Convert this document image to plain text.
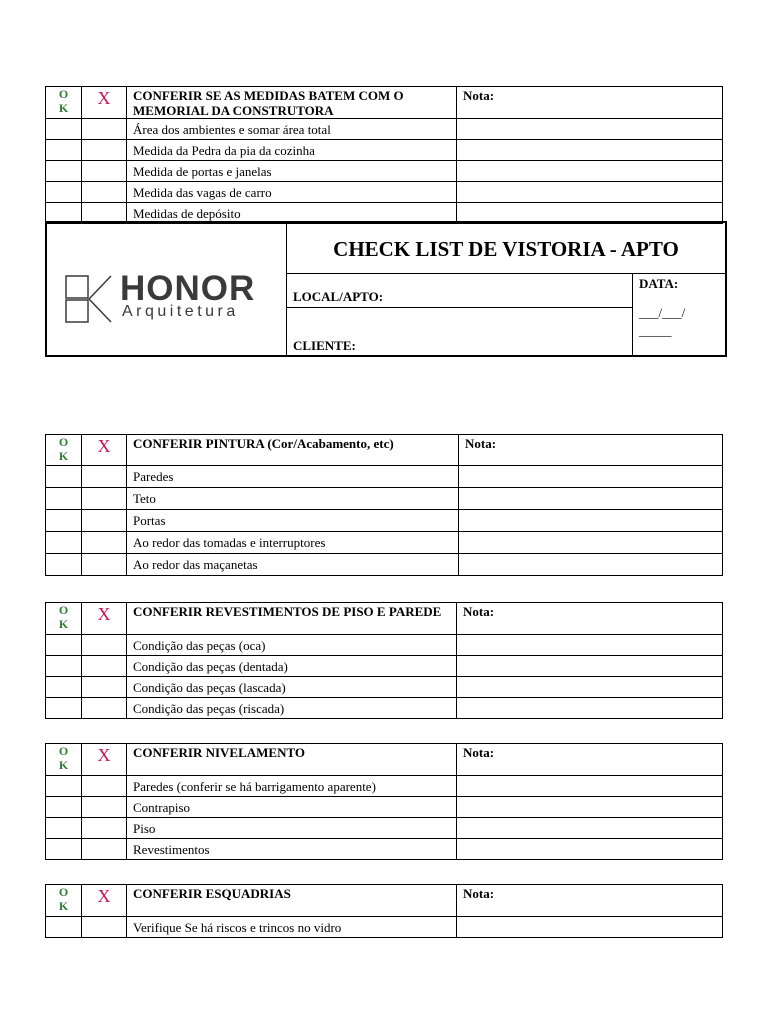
O
K	X	CONFERIR SE AS MEDIDAS BATEM COM O MEMORIAL DA CONSTRUTORA	Nota:
		Área dos ambientes e somar área total	
		Medida da Pedra da pia da cozinha	
		Medida de portas e janelas	
		Medida das vagas de carro	
		Medidas de depósito	
HONOR
Arquitetura
CHECK LIST DE VISTORIA - APTO
LOCAL/APTO:
CLIENTE:
DATA:
___/___/ _____
O
K	X	CONFERIR PINTURA (Cor/Acabamento, etc)	Nota:
		Paredes	
		Teto	
		Portas	
		Ao redor das tomadas e interruptores	
		Ao redor das maçanetas	
O
K	X	CONFERIR REVESTIMENTOS DE PISO E PAREDE	Nota:
		Condição das peças (oca)	
		Condição das peças (dentada)	
		Condição das peças (lascada)	
		Condição das peças (riscada)	
O
K	X	CONFERIR NIVELAMENTO	Nota:
		Paredes (conferir se há barrigamento aparente)	
		Contrapiso	
		Piso	
		Revestimentos	
O
K	X	CONFERIR ESQUADRIAS	Nota:
		Verifique Se há riscos e trincos no vidro	
